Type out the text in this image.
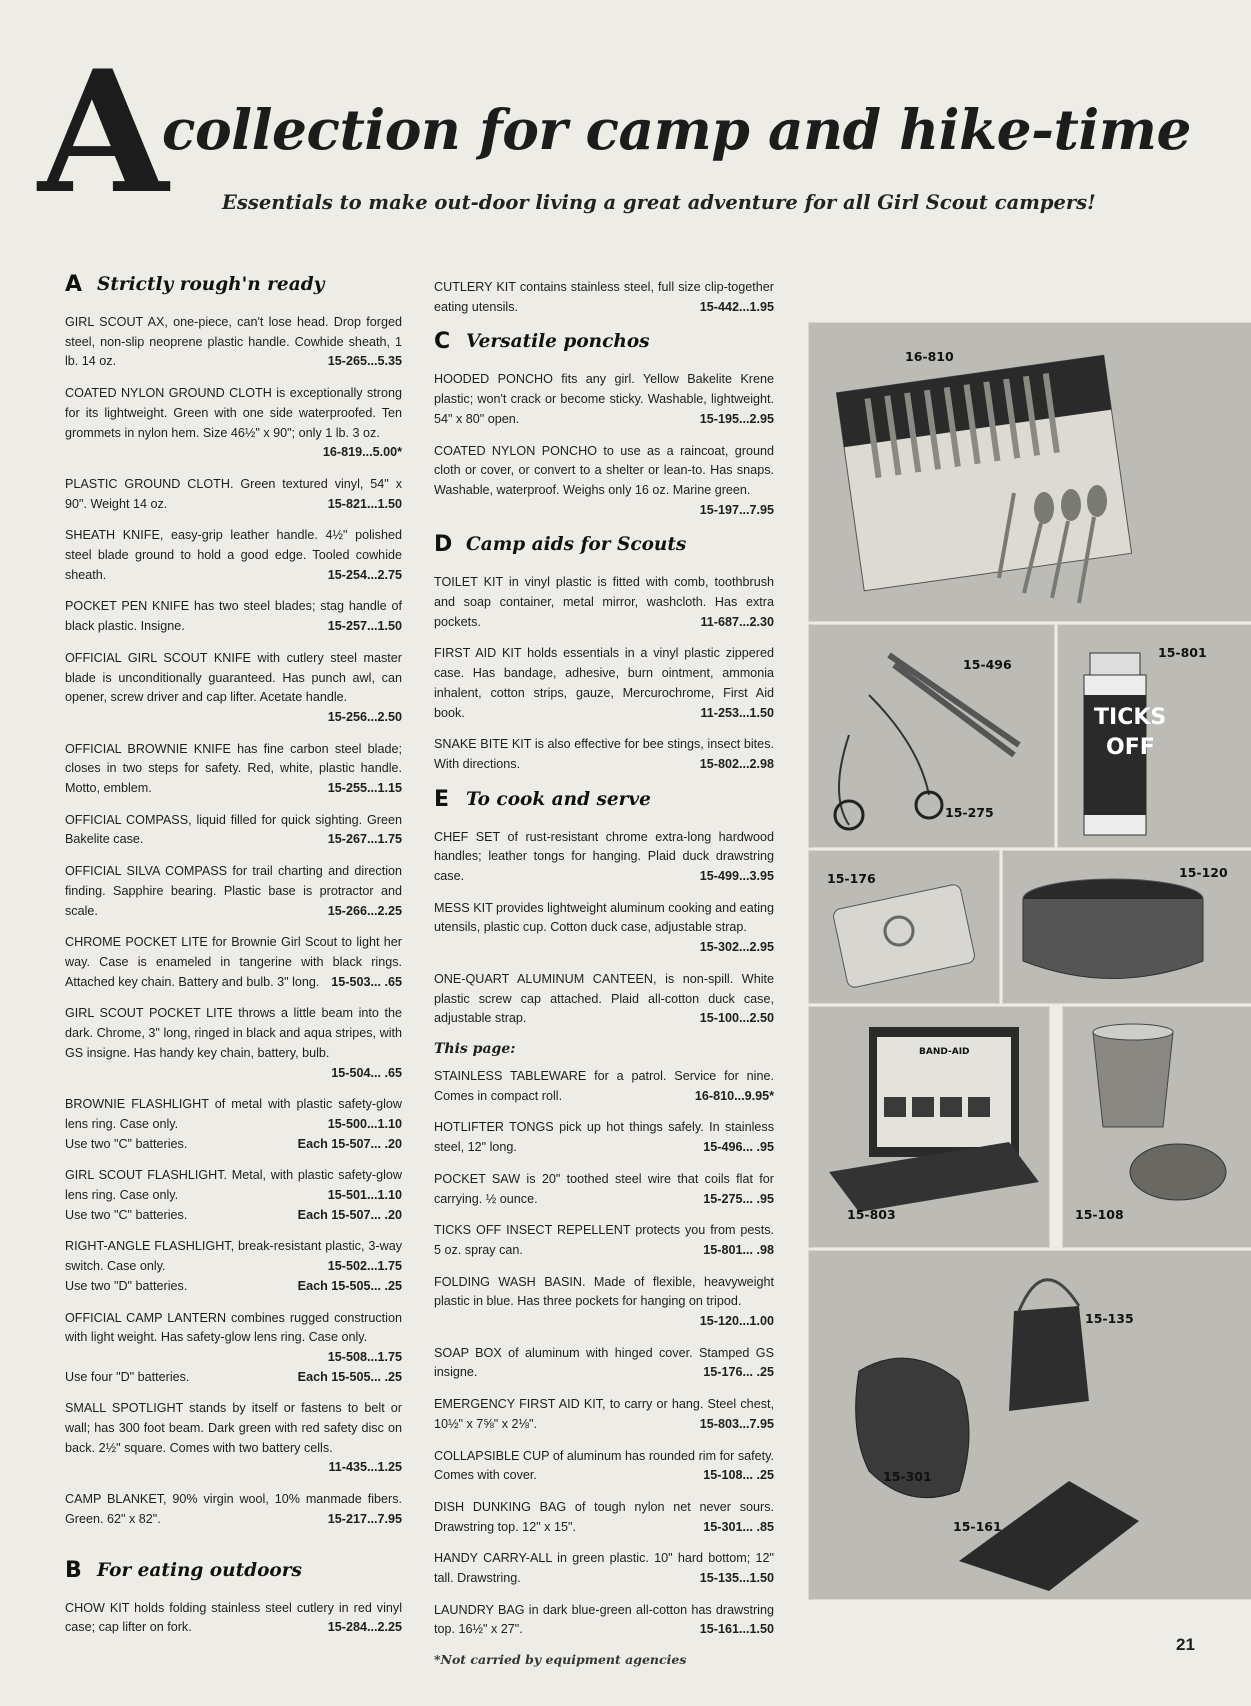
A
collection for camp and hike-time
Essentials to make out-door living a great adventure for all Girl Scout campers!
A Strictly rough'n ready
GIRL SCOUT AX, one-piece, can't lose head. Drop forged steel, non-slip neoprene plastic handle. Cowhide sheath, 1 lb. 14 oz.	15-265...5.35
COATED NYLON GROUND CLOTH is exceptionally strong for its lightweight. Green with one side waterproofed. Ten grommets in nylon hem. Size 46½" x 90"; only 1 lb. 3 oz.
16-819...5.00*
PLASTIC GROUND CLOTH. Green textured vinyl, 54" x 90". Weight 14 oz.	15-821...1.50
SHEATH KNIFE, easy-grip leather handle. 4½" polished steel blade ground to hold a good edge. Tooled cowhide sheath.	15-254...2.75
POCKET PEN KNIFE has two steel blades; stag handle of black plastic. Insigne.	15-257...1.50
OFFICIAL GIRL SCOUT KNIFE with cutlery steel master blade is unconditionally guaranteed. Has punch awl, can opener, screw driver and cap lifter. Acetate handle.
15-256...2.50
OFFICIAL BROWNIE KNIFE has fine carbon steel blade; closes in two steps for safety. Red, white, plastic handle. Motto, emblem.	15-255...1.15
OFFICIAL COMPASS, liquid filled for quick sighting. Green Bakelite case.	15-267...1.75
OFFICIAL SILVA COMPASS for trail charting and direction finding. Sapphire bearing. Plastic base is protractor and scale.	15-266...2.25
CHROME POCKET LITE for Brownie Girl Scout to light her way. Case is enameled in tangerine with black rings. Attached key chain. Battery and bulb. 3" long. 15-503... .65
GIRL SCOUT POCKET LITE throws a little beam into the dark. Chrome, 3" long, ringed in black and aqua stripes, with GS insigne. Has handy key chain, battery, bulb.
15-504... .65
BROWNIE FLASHLIGHT of metal with plastic safety-glow lens ring. Case only.	15-500...1.10
Use two "C" batteries.	Each 15-507... .20
GIRL SCOUT FLASHLIGHT. Metal, with plastic safety-glow lens ring. Case only.	15-501...1.10
Use two "C" batteries.	Each 15-507... .20
RIGHT-ANGLE FLASHLIGHT, break-resistant plastic, 3-way switch. Case only.	15-502...1.75
Use two "D" batteries.	Each 15-505... .25
OFFICIAL CAMP LANTERN combines rugged construction with light weight. Has safety-glow lens ring. Case only.
15-508...1.75
Use four "D" batteries.	Each 15-505... .25
SMALL SPOTLIGHT stands by itself or fastens to belt or wall; has 300 foot beam. Dark green with red safety disc on back. 2½" square. Comes with two battery cells.
11-435...1.25
CAMP BLANKET, 90% virgin wool, 10% manmade fibers. Green. 62" x 82".	15-217...7.95
B For eating outdoors
CHOW KIT holds folding stainless steel cutlery in red vinyl case; cap lifter on fork.	15-284...2.25
CUTLERY KIT contains stainless steel, full size clip-together eating utensils.	15-442...1.95
C Versatile ponchos
HOODED PONCHO fits any girl. Yellow Bakelite Krene plastic; won't crack or become sticky. Washable, lightweight. 54" x 80" open.	15-195...2.95
COATED NYLON PONCHO to use as a raincoat, ground cloth or cover, or convert to a shelter or lean-to. Has snaps. Washable, waterproof. Weighs only 16 oz. Marine green.
15-197...7.95
D Camp aids for Scouts
TOILET KIT in vinyl plastic is fitted with comb, toothbrush and soap container, metal mirror, washcloth. Has extra pockets.	11-687...2.30
FIRST AID KIT holds essentials in a vinyl plastic zippered case. Has bandage, adhesive, burn ointment, ammonia inhalent, cotton strips, gauze, Mercurochrome, First Aid book.	11-253...1.50
SNAKE BITE KIT is also effective for bee stings, insect bites. With directions.	15-802...2.98
E To cook and serve
CHEF SET of rust-resistant chrome extra-long hardwood handles; leather tongs for hanging. Plaid duck drawstring case.	15-499...3.95
MESS KIT provides lightweight aluminum cooking and eating utensils, plastic cup. Cotton duck case, adjustable strap.
15-302...2.95
ONE-QUART ALUMINUM CANTEEN, is non-spill. White plastic screw cap attached. Plaid all-cotton duck case, adjustable strap.	15-100...2.50
This page:
STAINLESS TABLEWARE for a patrol. Service for nine. Comes in compact roll.	16-810...9.95*
HOTLIFTER TONGS pick up hot things safely. In stainless steel, 12" long.	15-496... .95
POCKET SAW is 20" toothed steel wire that coils flat for carrying. ½ ounce.	15-275... .95
TICKS OFF INSECT REPELLENT protects you from pests. 5 oz. spray can.	15-801... .98
FOLDING WASH BASIN. Made of flexible, heavyweight plastic in blue. Has three pockets for hanging on tripod.
15-120...1.00
SOAP BOX of aluminum with hinged cover. Stamped GS insigne.	15-176... .25
EMERGENCY FIRST AID KIT, to carry or hang. Steel chest, 10½" x 7⅝" x 2⅛".	15-803...7.95
COLLAPSIBLE CUP of aluminum has rounded rim for safety. Comes with cover.	15-108... .25
DISH DUNKING BAG of tough nylon net never sours. Drawstring top. 12" x 15".	15-301... .85
HANDY CARRY-ALL in green plastic. 10" hard bottom; 12" tall. Drawstring.	15-135...1.50
LAUNDRY BAG in dark blue-green all-cotton has drawstring top. 16½" x 27".	15-161...1.50
*Not carried by equipment agencies
16-810
15-496
15-275
TICKS
OFF
15-801
15-176	15-120
BAND-AID
15-803	15-108
15-135
15-301
15-161
21
